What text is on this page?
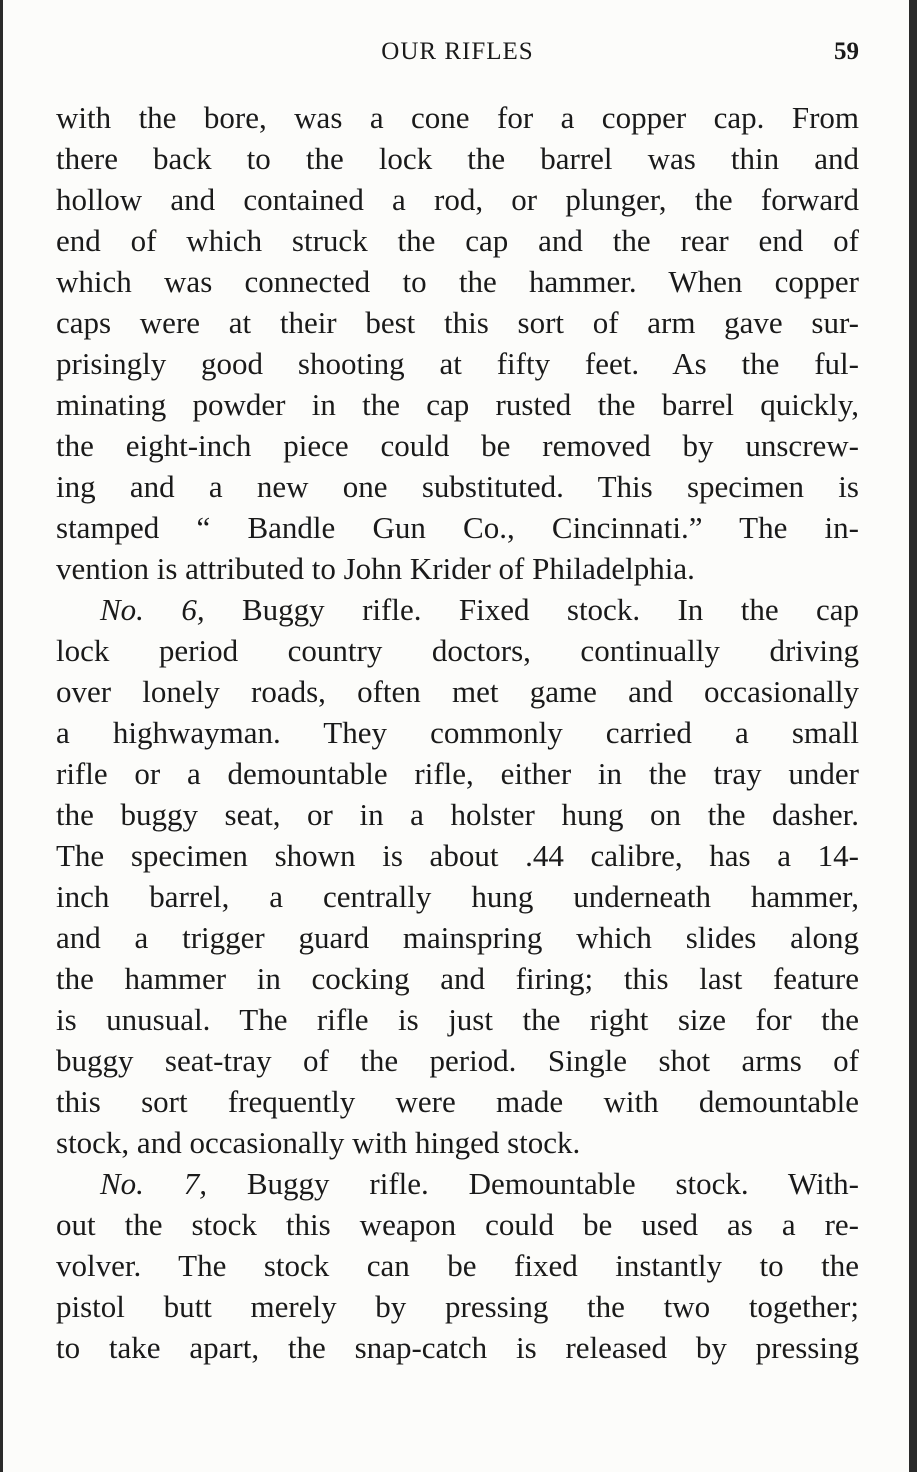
OUR RIFLES	59
with the bore, was a cone for a copper cap. From
there back to the lock the barrel was thin and
hollow and contained a rod, or plunger, the forward
end of which struck the cap and the rear end of
which was connected to the hammer. When copper
caps were at their best this sort of arm gave sur-
prisingly good shooting at fifty feet. As the ful-
minating powder in the cap rusted the barrel quickly,
the eight-inch piece could be removed by unscrew-
ing and a new one substituted. This specimen is
stamped “ Bandle Gun Co., Cincinnati.” The in-
vention is attributed to John Krider of Philadelphia.
No. 6, Buggy rifle. Fixed stock. In the cap
lock period country doctors, continually driving
over lonely roads, often met game and occasionally
a highwayman. They commonly carried a small
rifle or a demountable rifle, either in the tray under
the buggy seat, or in a holster hung on the dasher.
The specimen shown is about .44 calibre, has a 14-
inch barrel, a centrally hung underneath hammer,
and a trigger guard mainspring which slides along
the hammer in cocking and firing; this last feature
is unusual. The rifle is just the right size for the
buggy seat-tray of the period. Single shot arms of
this sort frequently were made with demountable
stock, and occasionally with hinged stock.
No. 7, Buggy rifle. Demountable stock. With-
out the stock this weapon could be used as a re-
volver. The stock can be fixed instantly to the
pistol butt merely by pressing the two together;
to take apart, the snap-catch is released by pressing
